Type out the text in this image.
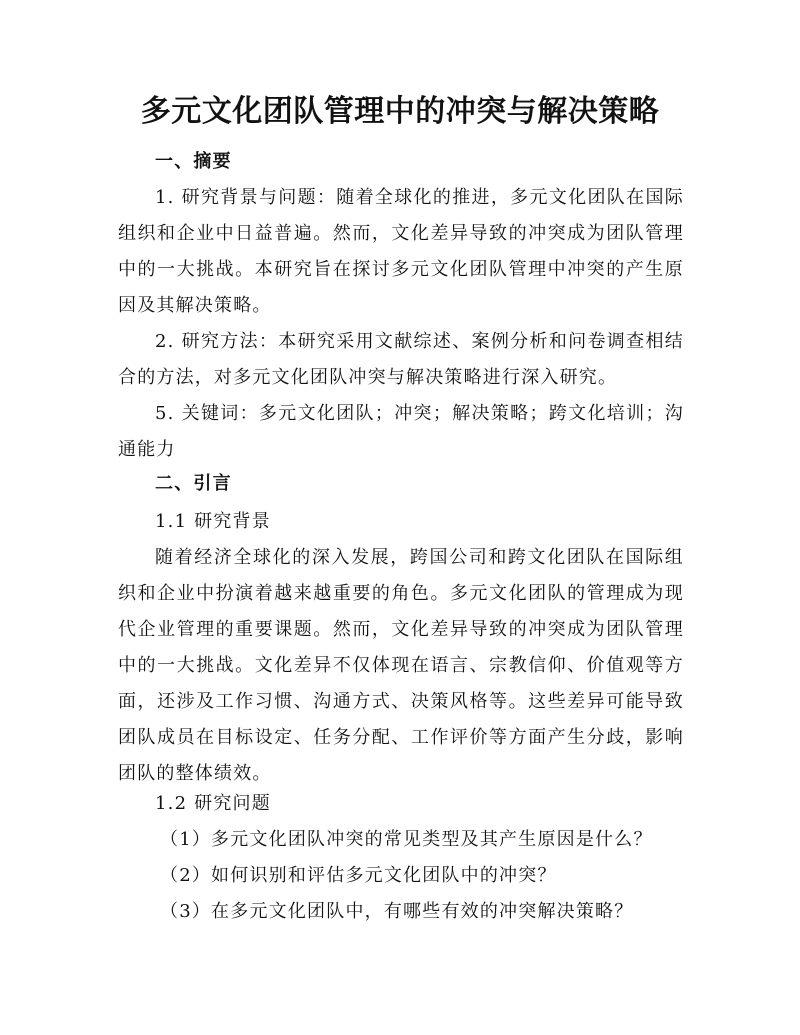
多元文化团队管理中的冲突与解决策略

一、摘要

1. 研究背景与问题：随着全球化的推进，多元文化团队在国际组织和企业中日益普遍。然而，文化差异导致的冲突成为团队管理中的一大挑战。本研究旨在探讨多元文化团队管理中冲突的产生原因及其解决策略。

2. 研究方法：本研究采用文献综述、案例分析和问卷调查相结合的方法，对多元文化团队冲突与解决策略进行深入研究。

5. 关键词：多元文化团队；冲突；解决策略；跨文化培训；沟通能力

二、引言

1.1 研究背景

随着经济全球化的深入发展，跨国公司和跨文化团队在国际组织和企业中扮演着越来越重要的角色。多元文化团队的管理成为现代企业管理的重要课题。然而，文化差异导致的冲突成为团队管理中的一大挑战。文化差异不仅体现在语言、宗教信仰、价值观等方面，还涉及工作习惯、沟通方式、决策风格等。这些差异可能导致团队成员在目标设定、任务分配、工作评价等方面产生分歧，影响团队的整体绩效。

1.2 研究问题

（1）多元文化团队冲突的常见类型及其产生原因是什么？

（2）如何识别和评估多元文化团队中的冲突？

（3）在多元文化团队中，有哪些有效的冲突解决策略？
